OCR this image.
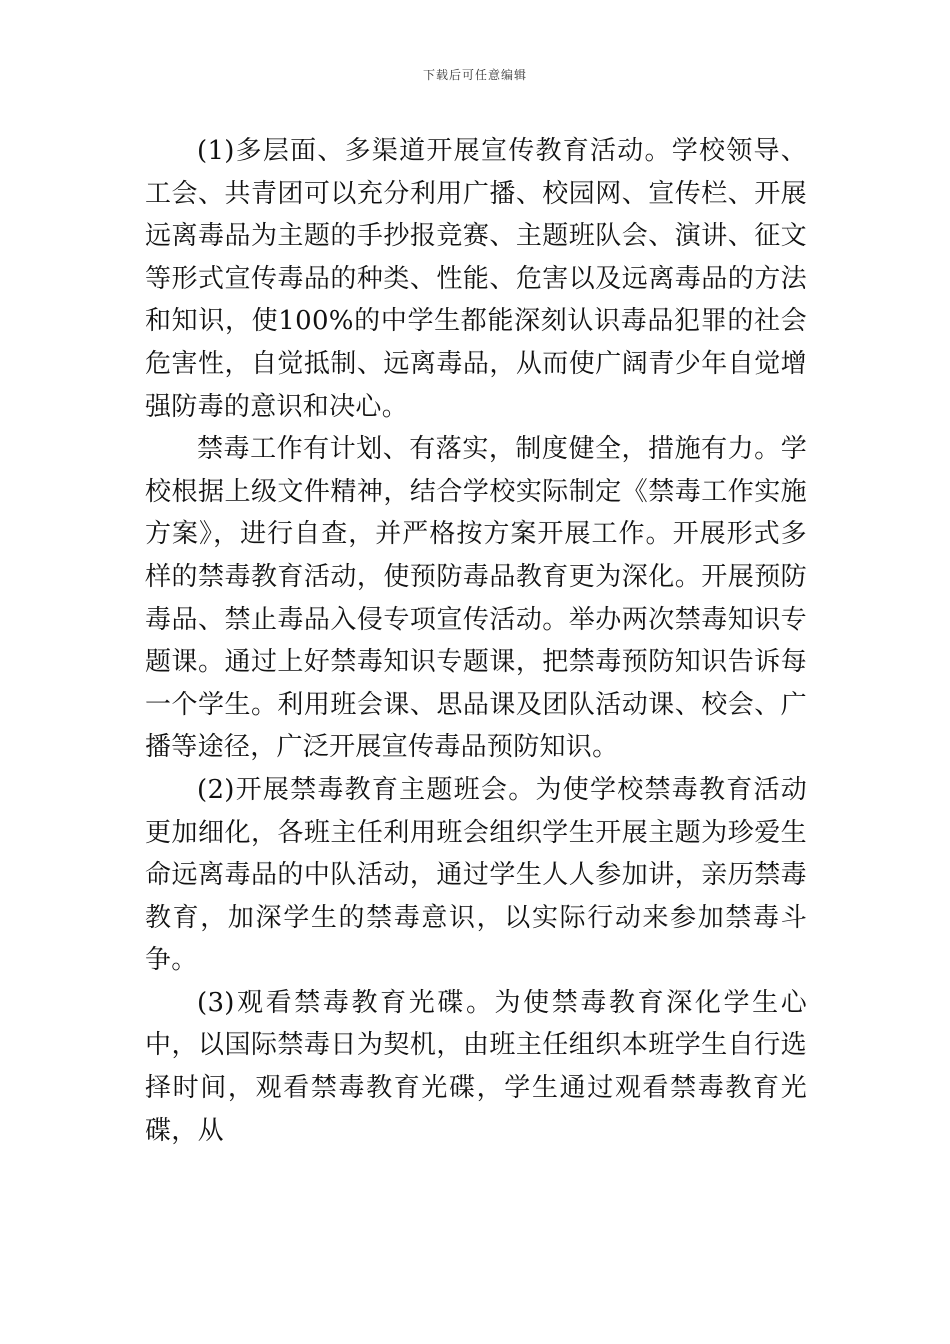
下载后可任意编辑

(1)多层面、多渠道开展宣传教育活动。学校领导、工会、共青团可以充分利用广播、校园网、宣传栏、开展 远离毒品为主题的手抄报竞赛、主题班队会、演讲、征文等形式宣传毒品的种类、性能、危害以及远离毒品的方法和知识，使100%的中学生都能深刻认识毒品犯罪的社会危害性，自觉抵制、远离毒品，从而使广阔青少年自觉增强防毒的意识和决心。

禁毒工作有计划、有落实，制度健全，措施有力。学校根据上级文件精神，结合学校实际制定《禁毒工作实施方案》，进行自查，并严格按方案开展工作。开展形式多样的禁毒教育活动，使预防毒品教育更为深化。开展预防毒品、禁止毒品入侵专项宣传活动。举办两次禁毒知识专题课。通过上好禁毒知识专题课，把禁毒预防知识告诉每一个学生。利用班会课、思品课及团队活动课、校会、广播等途径，广泛开展宣传毒品预防知识。

(2)开展禁毒教育主题班会。为使学校禁毒教育活动更加细化，各班主任利用班会组织学生开展主题为珍爱生命远离毒品的中队活动，通过学生人人参加讲，亲历禁毒教育，加深学生的禁毒意识，以实际行动来参加禁毒斗争。

(3)观看禁毒教育光碟。为使禁毒教育深化学生心中，以国际禁毒日为契机，由班主任组织本班学生自行选择时间，观看禁毒教育光碟，学生通过观看禁毒教育光碟，从
